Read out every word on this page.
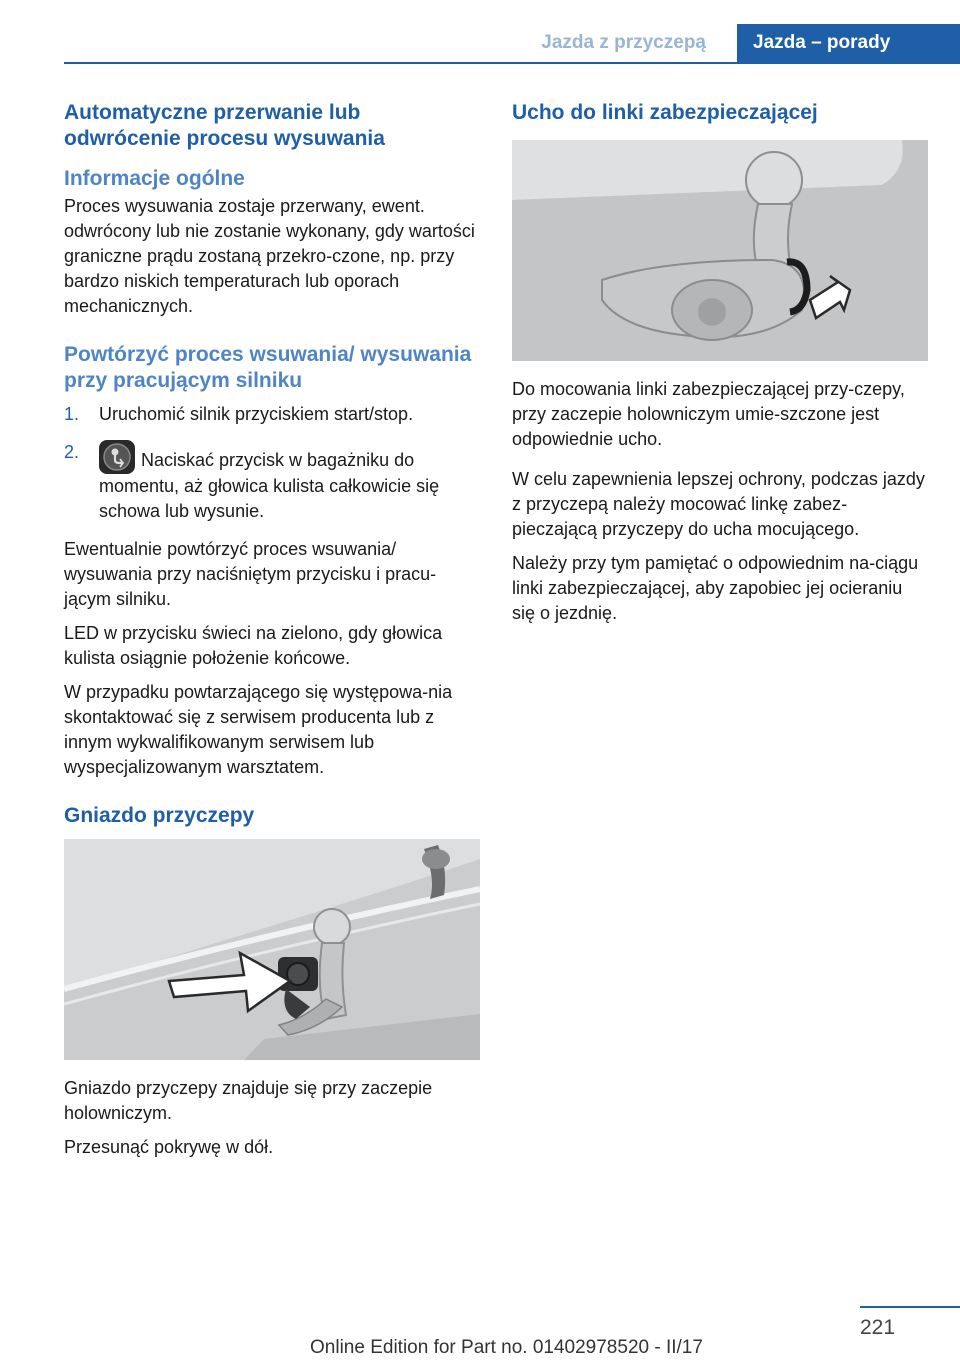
Jazda z przyczepą	Jazda – porady
Automatyczne przerwanie lub odwrócenie procesu wysuwania
Informacje ogólne

Proces wysuwania zostaje przerwany, ewent. odwrócony lub nie zostanie wykonany, gdy wartości graniczne prądu zostaną przekro‐czone, np. przy bardzo niskich temperaturach lub oporach mechanicznych.

Powtórzyć proces wsuwania/ wysuwania przy pracującym silniku
1. Uruchomić silnik przyciskiem start/stop.
2.	Naciskać przycisk w bagażniku do momentu, aż głowica kulista całkowicie się schowa lub wysunie.

Ewentualnie powtórzyć proces wsuwania/ wysuwania przy naciśniętym przycisku i pracu‐jącym silniku.

LED w przycisku świeci na zielono, gdy głowica kulista osiągnie położenie końcowe.

W przypadku powtarzającego się występowa‐nia skontaktować się z serwisem producenta lub z innym wykwalifikowanym serwisem lub wyspecjalizowanym warsztatem.

Gniazdo przyczepy

Gniazdo przyczepy znajduje się przy zaczepie holowniczym.

Przesunąć pokrywę w dół.

Ucho do linki zabezpieczającej

Do mocowania linki zabezpieczającej przy‐czepy, przy zaczepie holowniczym umie‐szczone jest odpowiednie ucho.

W celu zapewnienia lepszej ochrony, podczas jazdy z przyczepą należy mocować linkę zabez‐pieczającą przyczepy do ucha mocującego.

Należy przy tym pamiętać o odpowiednim na‐ciągu linki zabezpieczającej, aby zapobiec jej ocieraniu się o jezdnię.

221
Online Edition for Part no. 01402978520 - II/17
